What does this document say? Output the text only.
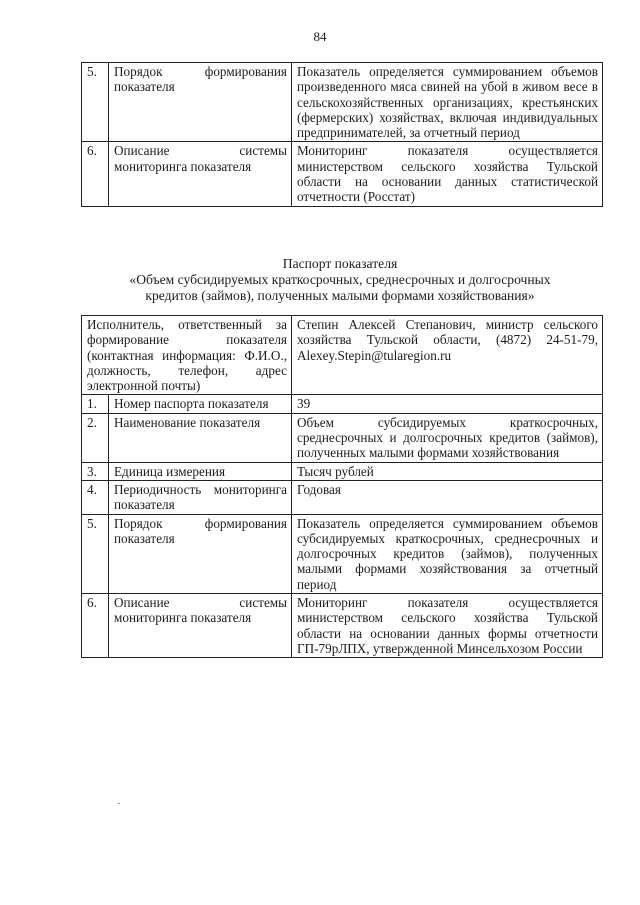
84
5.	Порядок формирования показателя	Показатель определяется суммированием объемов произведенного мяса свиней на убой в живом весе в сельскохозяйственных организациях, крестьянских (фермерских) хозяйствах, включая индивидуальных предпринимателей, за отчетный период
6.	Описание системы мониторинга показателя	Мониторинг показателя осуществляется министерством сельского хозяйства Тульской области на основании данных статистической отчетности (Росстат)
Паспорт показателя
«Объем субсидируемых краткосрочных, среднесрочных и долгосрочных
кредитов (займов), полученных малыми формами хозяйствования»
Исполнитель, ответственный за формирование показателя (контактная информация: Ф.И.О., должность, телефон, адрес электронной почты)		Степин Алексей Степанович, министр сельского хозяйства Тульской области, (4872) 24-51-79, Alexey.Stepin@tularegion.ru
1.	Номер паспорта показателя	39
2.	Наименование показателя	Объем субсидируемых краткосрочных, среднесрочных и долгосрочных кредитов (займов), полученных малыми формами хозяйствования
3.	Единица измерения	Тысяч рублей
4.	Периодичность мониторинга показателя	Годовая
5.	Порядок формирования показателя	Показатель определяется суммированием объемов субсидируемых краткосрочных, среднесрочных и долгосрочных кредитов (займов), полученных малыми формами хозяйствования за отчетный период
6.	Описание системы мониторинга показателя	Мониторинг показателя осуществляется министерством сельского хозяйства Тульской области на основании данных формы отчетности ГП-79рЛПХ, утвержденной Минсельхозом России
